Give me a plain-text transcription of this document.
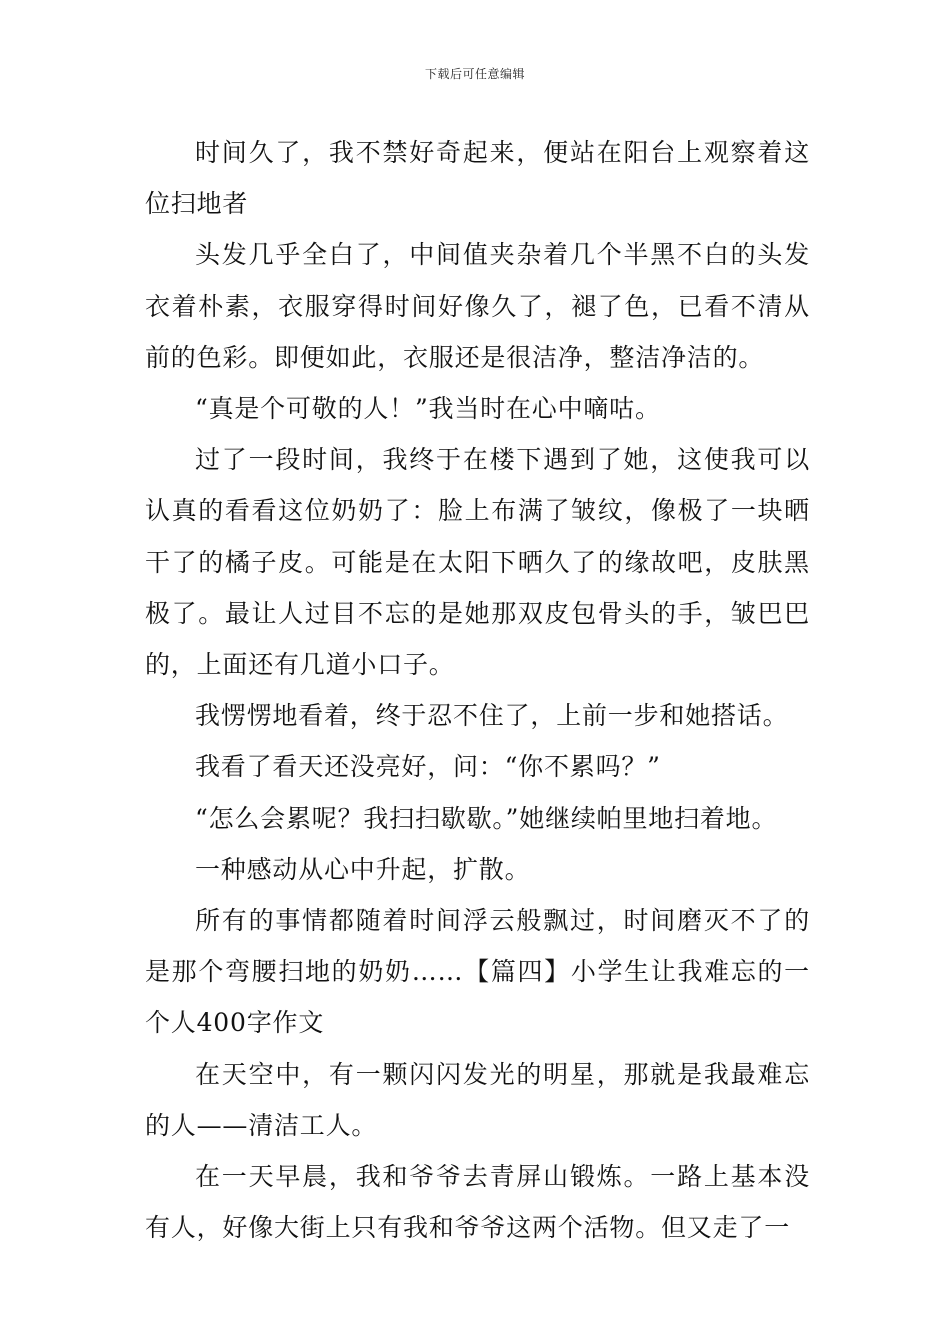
下载后可任意编辑

时间久了，我不禁好奇起来，便站在阳台上观察着这位扫地者

头发几乎全白了，中间值夹杂着几个半黑不白的头发衣着朴素，衣服穿得时间好像久了，褪了色，已看不清从前的色彩。即便如此，衣服还是很洁净，整洁净洁的。

“真是个可敬的人！”我当时在心中嘀咕。

过了一段时间，我终于在楼下遇到了她，这使我可以认真的看看这位奶奶了：脸上布满了皱纹，像极了一块晒干了的橘子皮。可能是在太阳下晒久了的缘故吧，皮肤黑极了。最让人过目不忘的是她那双皮包骨头的手，皱巴巴的，上面还有几道小口子。

我愣愣地看着，终于忍不住了，上前一步和她搭话。

我看了看天还没亮好，问：“你不累吗？”

“怎么会累呢？我扫扫歇歇。”她继续帕里地扫着地。

一种感动从心中升起，扩散。

所有的事情都随着时间浮云般飘过，时间磨灭不了的是那个弯腰扫地的奶奶……【篇四】小学生让我难忘的一个人400字作文

在天空中，有一颗闪闪发光的明星，那就是我最难忘的人——清洁工人。

在一天早晨，我和爷爷去青屏山锻炼。一路上基本没有人，好像大街上只有我和爷爷这两个活物。但又走了一
